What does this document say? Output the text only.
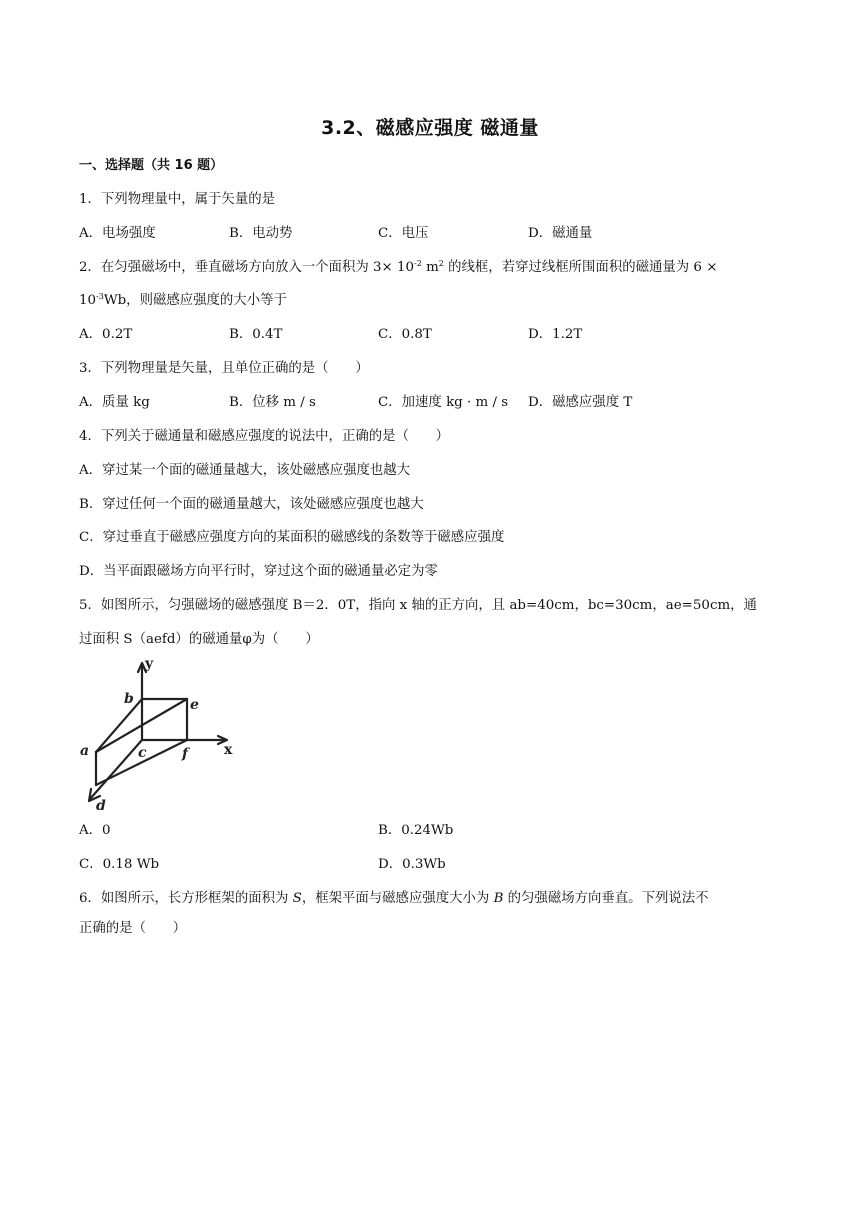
3.2、磁感应强度 磁通量
一、选择题（共 16 题）
1．下列物理量中，属于矢量的是
A．电场强度	B．电动势	C．电压	D．磁通量
2．在匀强磁场中，垂直磁场方向放入一个面积为 $3\times 10^{-2}$ $m^2$ 的线框，若穿过线框所围面积的磁通量为 6 ×
$10^{-3}Wb$，则磁感应强度的大小等于
A．0.2T	B．0.4T	C．0.8T	D．1.2T
3．下列物理量是矢量，且单位正确的是（　　）
A．质量 kg	B．位移 m / s	C．加速度 kg · m / s D．磁感应强度 T
4．下列关于磁通量和磁感应强度的说法中，正确的是（　　）
A．穿过某一个面的磁通量越大，该处磁感应强度也越大
B．穿过任何一个面的磁通量越大，该处磁感应强度也越大
C．穿过垂直于磁感应强度方向的某面积的磁感线的条数等于磁感应强度
D．当平面跟磁场方向平行时，穿过这个面的磁通量必定为零
5．如图所示，匀强磁场的磁感强度 B＝2．0T，指向 x 轴的正方向，且 ab=40cm，bc=30cm，ae=50cm，通
过面积 S（aefd）的磁通量φ为（　　）
y
b	e
a	c	f	x
d
A．0	B．0.24Wb
C．0.18 Wb	D．0.3Wb
6．如图所示，长方形框架的面积为 S，框架平面与磁感应强度大小为 B 的匀强磁场方向垂直。下列说法不
正确的是（　　）
